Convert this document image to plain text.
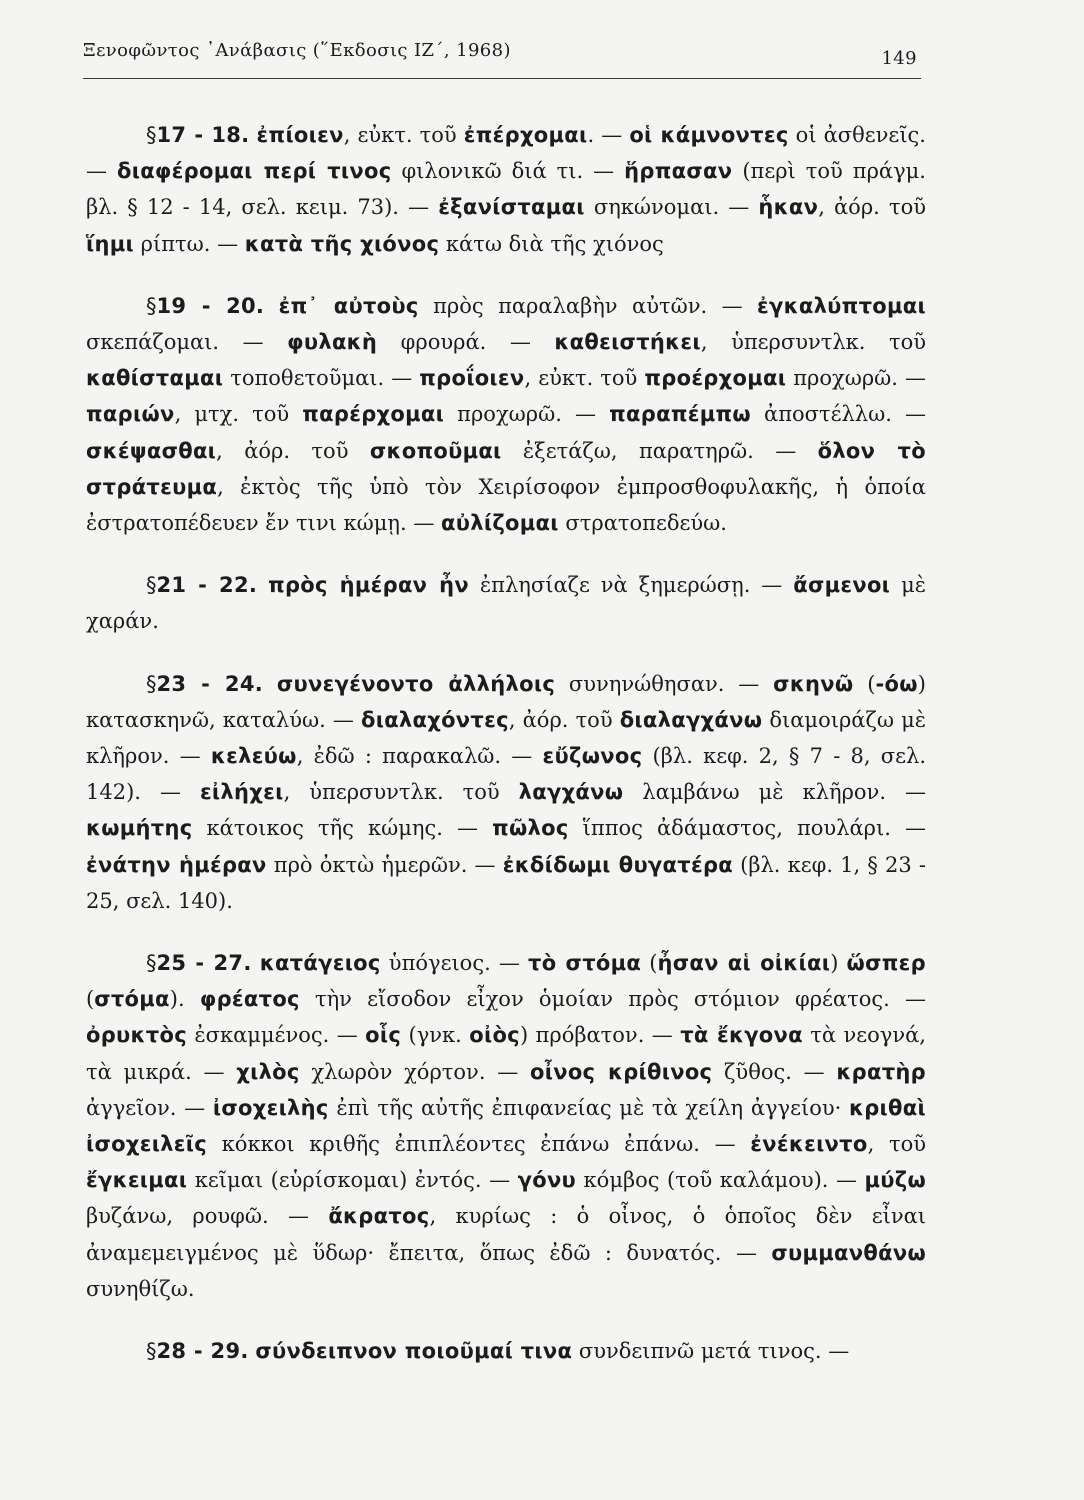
Ξενοφῶντος ᾿Ανάβασις (῞Εκδοσις ΙΖ΄, 1968)	149

§17 - 18. ἐπίοιεν, εὐκτ. τοῦ ἐπέρχομαι. — οἱ κάμνοντες οἱ ἀσθενεῖς. — διαφέρομαι περί τινος φιλονικῶ διά τι. — ἥρπασαν (περὶ τοῦ πράγμ. βλ. § 12 - 14, σελ. κειμ. 73). — ἐξανίσταμαι σηκώνομαι. — ἧκαν, ἀόρ. τοῦ ἵημι ρίπτω. — κατὰ τῆς χιόνος κάτω διὰ τῆς χιόνος

§19 - 20. ἐπ᾿ αὐτοὺς πρὸς παραλαβὴν αὐτῶν. — ἐγκαλύπτομαι σκεπάζομαι. — φυλακὴ φρουρά. — καθειστήκει, ὑπερσυντλκ. τοῦ καθίσταμαι τοποθετοῦμαι. — προΐοιεν, εὐκτ. τοῦ προέρχομαι προχωρῶ. — παριών, μτχ. τοῦ παρέρχομαι προχωρῶ. — παραπέμπω ἀποστέλλω. — σκέψασθαι, ἀόρ. τοῦ σκοποῦμαι ἐξετάζω, παρατηρῶ. — ὅλον τὸ στράτευμα, ἐκτὸς τῆς ὑπὸ τὸν Χειρίσοφον ἐμπροσθοφυλακῆς, ἡ ὁποία ἐστρατοπέδευεν ἔν τινι κώμῃ. — αὐλίζομαι στρατοπεδεύω.

§21 - 22. πρὸς ἡμέραν ἦν ἐπλησίαζε νὰ ξημερώσῃ. — ἄσμενοι μὲ χαράν.

§23 - 24. συνεγένοντο ἀλλήλοις συνηνώθησαν. — σκηνῶ (-όω) κατασκηνῶ, καταλύω. — διαλαχόντες, ἀόρ. τοῦ διαλαγχάνω διαμοιράζω μὲ κλῆρον. — κελεύω, ἐδῶ : παρακαλῶ. — εὔζωνος (βλ. κεφ. 2, § 7 - 8, σελ. 142). — εἰλήχει, ὑπερσυντλκ. τοῦ λαγχάνω λαμβάνω μὲ κλῆρον. — κωμήτης κάτοικος τῆς κώμης. — πῶλος ἵππος ἀδάμαστος, πουλάρι. — ἐνάτην ἡμέραν πρὸ ὀκτὼ ἡμερῶν. — ἐκδίδωμι θυγατέρα (βλ. κεφ. 1, § 23 - 25, σελ. 140).

§25 - 27. κατάγειος ὑπόγειος. — τὸ στόμα (ἦσαν αἱ οἰκίαι) ὥσπερ (στόμα). φρέατος τὴν εἴσοδον εἶχον ὁμοίαν πρὸς στόμιον φρέατος. — ὀρυκτὸς ἐσκαμμένος. — οἷς (γνκ. οἰὸς) πρόβατον. — τὰ ἔκγονα τὰ νεογνά, τὰ μικρά. — χιλὸς χλωρὸν χόρτον. — οἶνος κρίθινος ζῦθος. — κρατὴρ ἀγγεῖον. — ἰσοχειλὴς ἐπὶ τῆς αὐτῆς ἐπιφανείας μὲ τὰ χείλη ἀγγείου· κριθαὶ ἰσοχειλεῖς κόκκοι κριθῆς ἐπιπλέοντες ἐπάνω ἐπάνω. — ἐνέκειντο, τοῦ ἔγκειμαι κεῖμαι (εὑρίσκομαι) ἐντός. — γόνυ κόμβος (τοῦ καλάμου). — μύζω βυζάνω, ρουφῶ. — ἄκρατος, κυρίως : ὁ οἶνος, ὁ ὁποῖος δὲν εἶναι ἀναμεμειγμένος μὲ ὕδωρ· ἔπειτα, ὅπως ἐδῶ : δυνατός. — συμμανθάνω συνηθίζω.

§28 - 29. σύνδειπνον ποιοῦμαί τινα συνδειπνῶ μετά τινος. —
